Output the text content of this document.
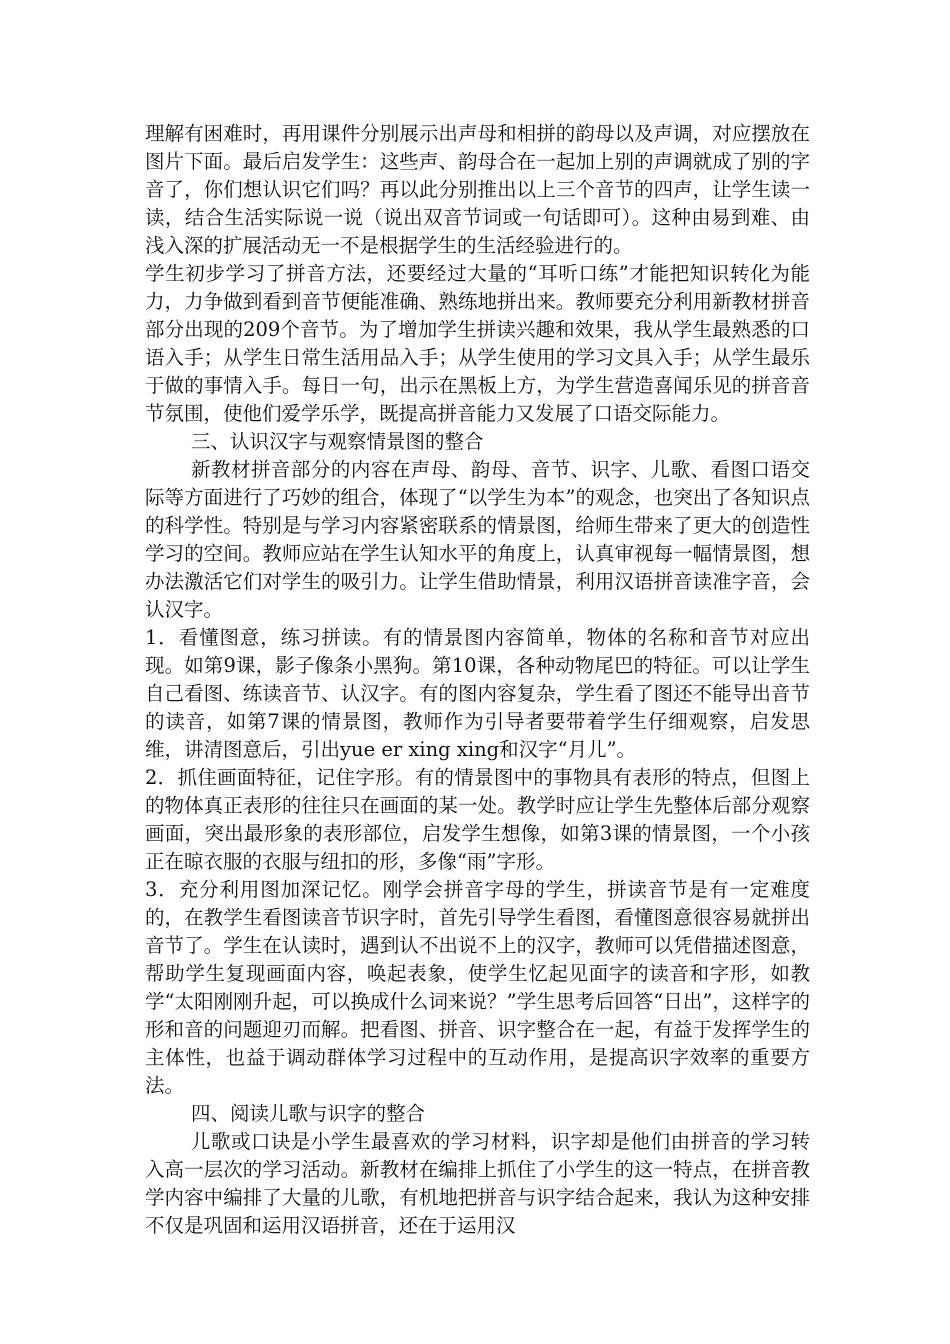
理解有困难时，再用课件分别展示出声母和相拼的韵母以及声调，对应摆放在图片下面。最后启发学生：这些声、韵母合在一起加上别的声调就成了别的字音了，你们想认识它们吗？再以此分别推出以上三个音节的四声，让学生读一读，结合生活实际说一说（说出双音节词或一句话即可）。这种由易到难、由浅入深的扩展活动无一不是根据学生的生活经验进行的。

学生初步学习了拼音方法，还要经过大量的“耳听口练”才能把知识转化为能力，力争做到看到音节便能准确、熟练地拼出来。教师要充分利用新教材拼音部分出现的209个音节。为了增加学生拼读兴趣和效果，我从学生最熟悉的口语入手；从学生日常生活用品入手；从学生使用的学习文具入手；从学生最乐于做的事情入手。每日一句，出示在黑板上方，为学生营造喜闻乐见的拼音音节氛围，使他们爱学乐学，既提高拼音能力又发展了口语交际能力。

三、认识汉字与观察情景图的整合

新教材拼音部分的内容在声母、韵母、音节、识字、儿歌、看图口语交际等方面进行了巧妙的组合，体现了“以学生为本”的观念，也突出了各知识点的科学性。特别是与学习内容紧密联系的情景图，给师生带来了更大的创造性学习的空间。教师应站在学生认知水平的角度上，认真审视每一幅情景图，想办法激活它们对学生的吸引力。让学生借助情景，利用汉语拼音读准字音，会认汉字。

1．看懂图意，练习拼读。有的情景图内容简单，物体的名称和音节对应出现。如第9课，影子像条小黑狗。第10课，各种动物尾巴的特征。可以让学生自己看图、练读音节、认汉字。有的图内容复杂，学生看了图还不能导出音节的读音，如第7课的情景图，教师作为引导者要带着学生仔细观察，启发思维，讲清图意后，引出yue er xing xing和汉字“月儿”。

2．抓住画面特征，记住字形。有的情景图中的事物具有表形的特点，但图上的物体真正表形的往往只在画面的某一处。教学时应让学生先整体后部分观察画面，突出最形象的表形部位，启发学生想像，如第3课的情景图，一个小孩正在晾衣服的衣服与纽扣的形，多像“雨”字形。

3．充分利用图加深记忆。刚学会拼音字母的学生，拼读音节是有一定难度的，在教学生看图读音节识字时，首先引导学生看图，看懂图意很容易就拼出音节了。学生在认读时，遇到认不出说不上的汉字，教师可以凭借描述图意，帮助学生复现画面内容，唤起表象，使学生忆起见面字的读音和字形，如教学“太阳刚刚升起，可以换成什么词来说？”学生思考后回答“日出”，这样字的形和音的问题迎刃而解。把看图、拼音、识字整合在一起，有益于发挥学生的主体性，也益于调动群体学习过程中的互动作用，是提高识字效率的重要方法。

四、阅读儿歌与识字的整合

儿歌或口诀是小学生最喜欢的学习材料，识字却是他们由拼音的学习转入高一层次的学习活动。新教材在编排上抓住了小学生的这一特点，在拼音教学内容中编排了大量的儿歌，有机地把拼音与识字结合起来，我认为这种安排不仅是巩固和运用汉语拼音，还在于运用汉
